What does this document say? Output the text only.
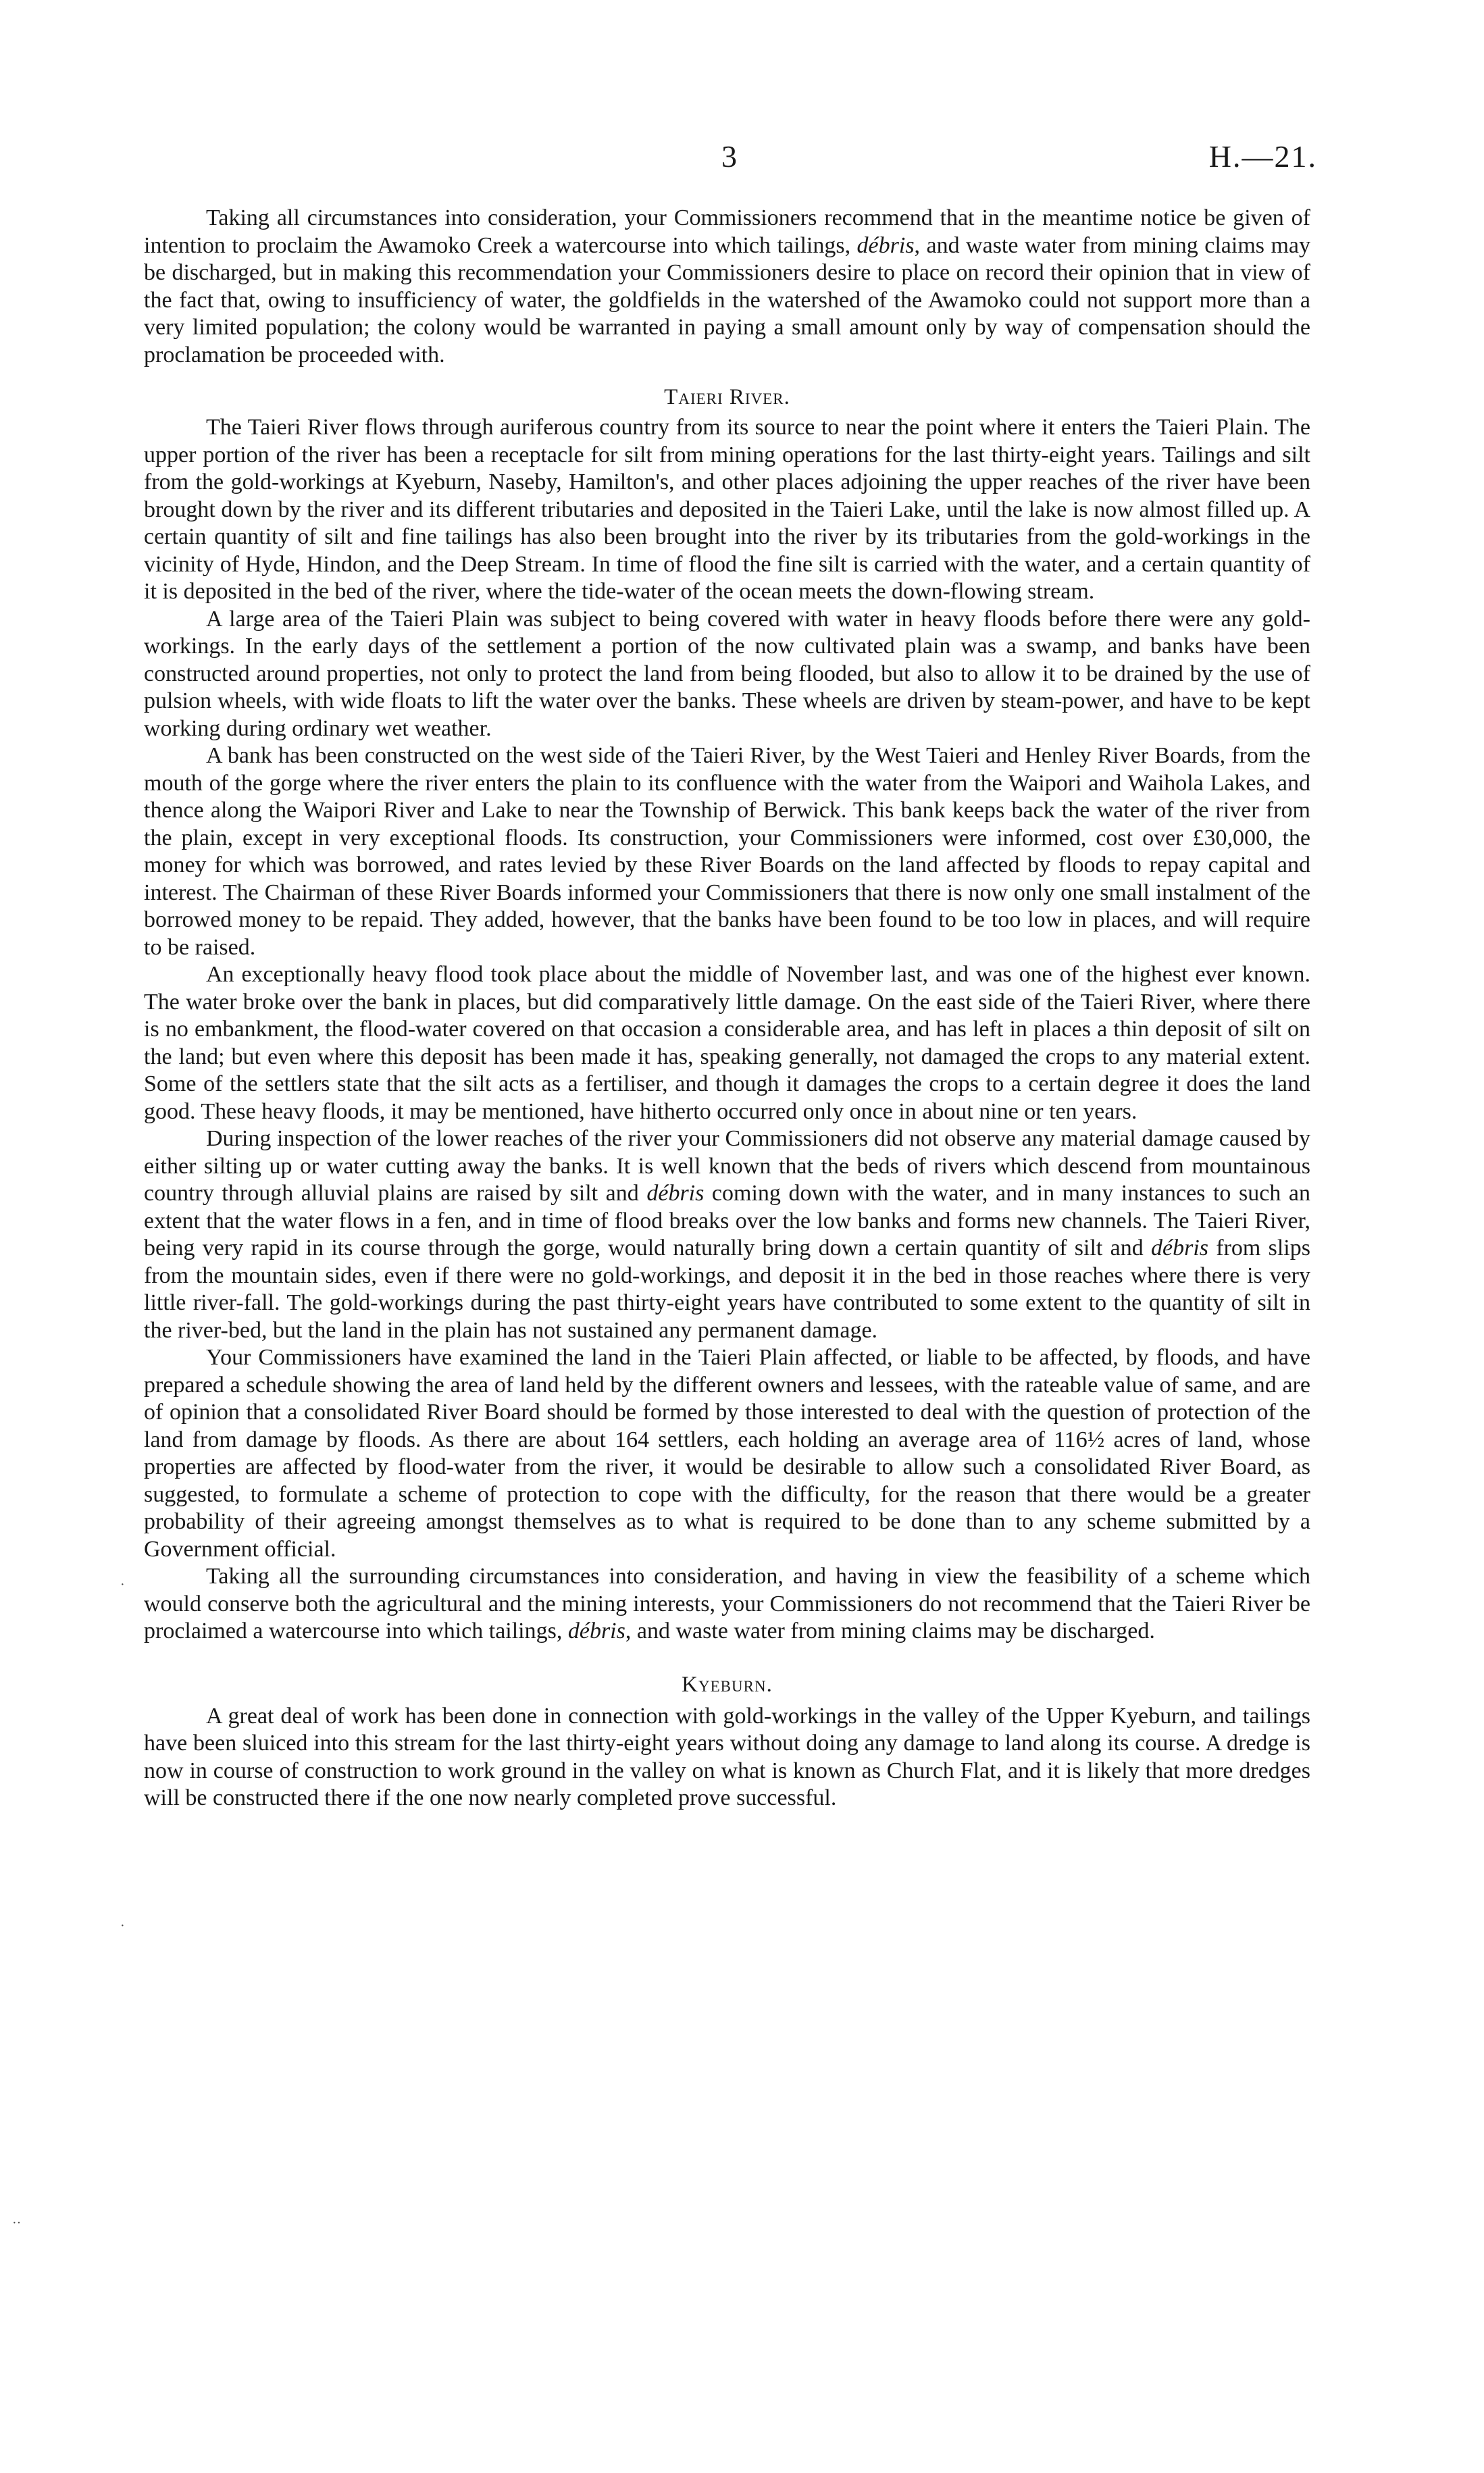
3	H.—21.

Taking all circumstances into consideration, your Commissioners recommend that in the meantime notice be given of intention to proclaim the Awamoko Creek a watercourse into which tailings, débris, and waste water from mining claims may be discharged, but in making this recommendation your Commissioners desire to place on record their opinion that in view of the fact that, owing to insufficiency of water, the goldfields in the watershed of the Awamoko could not support more than a very limited population; the colony would be warranted in paying a small amount only by way of compensation should the proclamation be proceeded with.

Taieri River.

The Taieri River flows through auriferous country from its source to near the point where it enters the Taieri Plain. The upper portion of the river has been a receptacle for silt from mining operations for the last thirty-eight years. Tailings and silt from the gold-workings at Kyeburn, Naseby, Hamilton's, and other places adjoining the upper reaches of the river have been brought down by the river and its different tributaries and deposited in the Taieri Lake, until the lake is now almost filled up. A certain quantity of silt and fine tailings has also been brought into the river by its tributaries from the gold-workings in the vicinity of Hyde, Hindon, and the Deep Stream. In time of flood the fine silt is carried with the water, and a certain quantity of it is deposited in the bed of the river, where the tide-water of the ocean meets the down-flowing stream.

A large area of the Taieri Plain was subject to being covered with water in heavy floods before there were any gold-workings. In the early days of the settlement a portion of the now cultivated plain was a swamp, and banks have been constructed around properties, not only to protect the land from being flooded, but also to allow it to be drained by the use of pulsion wheels, with wide floats to lift the water over the banks. These wheels are driven by steam-power, and have to be kept working during ordinary wet weather.

A bank has been constructed on the west side of the Taieri River, by the West Taieri and Henley River Boards, from the mouth of the gorge where the river enters the plain to its confluence with the water from the Waipori and Waihola Lakes, and thence along the Waipori River and Lake to near the Township of Berwick. This bank keeps back the water of the river from the plain, except in very exceptional floods. Its construction, your Commissioners were informed, cost over £30,000, the money for which was borrowed, and rates levied by these River Boards on the land affected by floods to repay capital and interest. The Chairman of these River Boards informed your Commissioners that there is now only one small instalment of the borrowed money to be repaid. They added, however, that the banks have been found to be too low in places, and will require to be raised.

An exceptionally heavy flood took place about the middle of November last, and was one of the highest ever known. The water broke over the bank in places, but did comparatively little damage. On the east side of the Taieri River, where there is no embankment, the flood-water covered on that occasion a considerable area, and has left in places a thin deposit of silt on the land; but even where this deposit has been made it has, speaking generally, not damaged the crops to any material extent. Some of the settlers state that the silt acts as a fertiliser, and though it damages the crops to a certain degree it does the land good. These heavy floods, it may be mentioned, have hitherto occurred only once in about nine or ten years.

During inspection of the lower reaches of the river your Commissioners did not observe any material damage caused by either silting up or water cutting away the banks. It is well known that the beds of rivers which descend from mountainous country through alluvial plains are raised by silt and débris coming down with the water, and in many instances to such an extent that the water flows in a fen, and in time of flood breaks over the low banks and forms new channels. The Taieri River, being very rapid in its course through the gorge, would naturally bring down a certain quantity of silt and débris from slips from the mountain sides, even if there were no gold-workings, and deposit it in the bed in those reaches where there is very little river-fall. The gold-workings during the past thirty-eight years have contributed to some extent to the quantity of silt in the river-bed, but the land in the plain has not sustained any permanent damage.

Your Commissioners have examined the land in the Taieri Plain affected, or liable to be affected, by floods, and have prepared a schedule showing the area of land held by the different owners and lessees, with the rateable value of same, and are of opinion that a consolidated River Board should be formed by those interested to deal with the question of protection of the land from damage by floods. As there are about 164 settlers, each holding an average area of 116½ acres of land, whose properties are affected by flood-water from the river, it would be desirable to allow such a consolidated River Board, as suggested, to formulate a scheme of protection to cope with the difficulty, for the reason that there would be a greater probability of their agreeing amongst themselves as to what is required to be done than to any scheme submitted by a Government official.

Taking all the surrounding circumstances into consideration, and having in view the feasibility of a scheme which would conserve both the agricultural and the mining interests, your Commissioners do not recommend that the Taieri River be proclaimed a watercourse into which tailings, débris, and waste water from mining claims may be discharged.

Kyeburn.

A great deal of work has been done in connection with gold-workings in the valley of the Upper Kyeburn, and tailings have been sluiced into this stream for the last thirty-eight years without doing any damage to land along its course. A dredge is now in course of construction to work ground in the valley on what is known as Church Flat, and it is likely that more dredges will be constructed there if the one now nearly completed prove successful.

·
·
··
